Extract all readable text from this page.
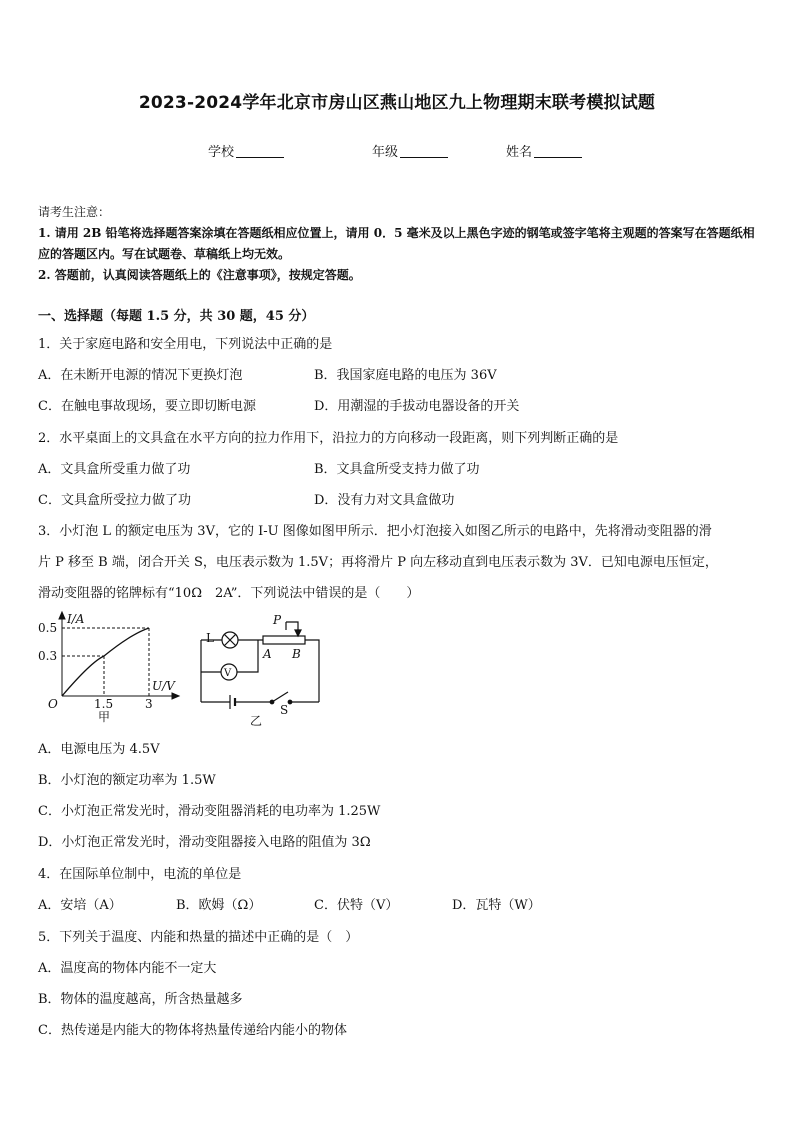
2023-2024学年北京市房山区燕山地区九上物理期末联考模拟试题
学校	年级	姓名
请考生注意：
1. 请用 2B 铅笔将选择题答案涂填在答题纸相应位置上，请用 0．5 毫米及以上黑色字迹的钢笔或签字笔将主观题的答案写在答题纸相应的答题区内。写在试题卷、草稿纸上均无效。
2. 答题前，认真阅读答题纸上的《注意事项》，按规定答题。
一、选择题（每题 1.5 分，共 30 题，45 分）
1．关于家庭电路和安全用电，下列说法中正确的是
A．在未断开电源的情况下更换灯泡	B．我国家庭电路的电压为 36V
C．在触电事故现场，要立即切断电源	D．用潮湿的手拔动电器设备的开关
2．水平桌面上的文具盒在水平方向的拉力作用下，沿拉力的方向移动一段距离，则下列判断正确的是
A．文具盒所受重力做了功	B．文具盒所受支持力做了功
C．文具盒所受拉力做了功	D．没有力对文具盒做功
3．小灯泡 L 的额定电压为 3V，它的 I-U 图像如图甲所示．把小灯泡接入如图乙所示的电路中，先将滑动变阻器的滑
片 P 移至 B 端，闭合开关 S，电压表示数为 1.5V；再将滑片 P 向左移动直到电压表示数为 3V．已知电源电压恒定，
滑动变阻器的铭牌标有“10Ω　2A”．下列说法中错误的是（　　）
I/A
U/V
O
0.5
0.3
1.5	3
甲
L
V
P
A B
S
乙
A．电源电压为 4.5V
B．小灯泡的额定功率为 1.5W
C．小灯泡正常发光时，滑动变阻器消耗的电功率为 1.25W
D．小灯泡正常发光时，滑动变阻器接入电路的阻值为 3Ω
4．在国际单位制中，电流的单位是
A．安培（A）	B．欧姆（Ω）	C．伏特（V）	D．瓦特（W）
5．下列关于温度、内能和热量的描述中正确的是（　）
A．温度高的物体内能不一定大
B．物体的温度越高，所含热量越多
C．热传递是内能大的物体将热量传递给内能小的物体
